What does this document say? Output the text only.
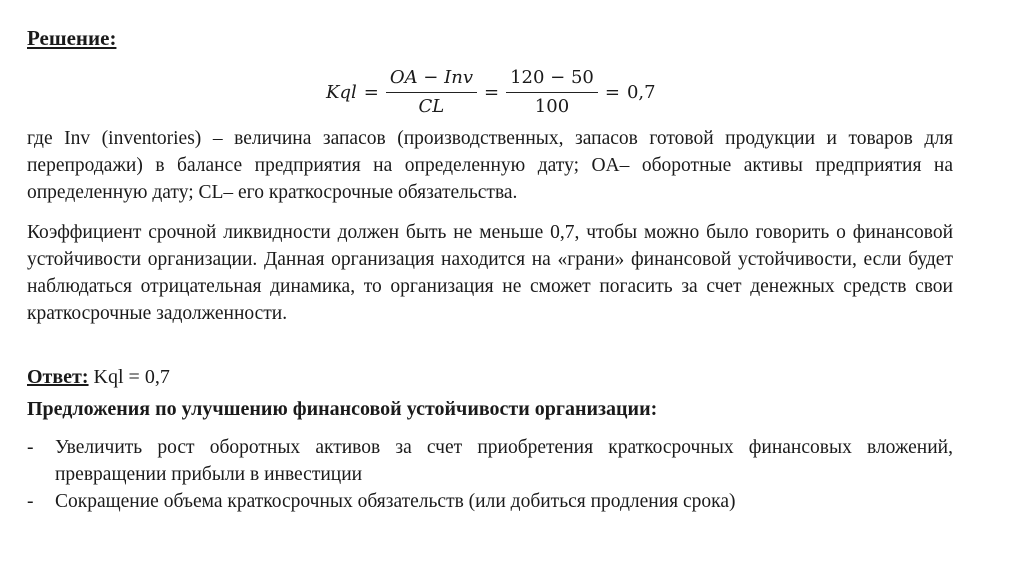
Решение:
Kql = $\frac{\text{OA − Inv}}{CL} = \frac{120 - 50}{100} = 0,7$
где Inv (inventories) – величина запасов (производственных, запасов готовой продукции и товаров для перепродажи) в балансе предприятия на определенную дату; OA– оборотные активы предприятия на определенную дату; CL– его краткосрочные обязательства.
Коэффициент срочной ликвидности должен быть не меньше 0,7, чтобы можно было говорить о финансовой устойчивости организации. Данная организация находится на «грани» финансовой устойчивости, если будет наблюдаться отрицательная динамика, то организация не сможет погасить за счет денежных средств свои краткосрочные задолженности.
Ответ: Kql = 0,7
Предложения по улучшению финансовой устойчивости организации:
-	Увеличить рост оборотных активов за счет приобретения краткосрочных финансовых вложений, превращении прибыли в инвестиции
-	Сокращение объема краткосрочных обязательств (или добиться продления срока)
